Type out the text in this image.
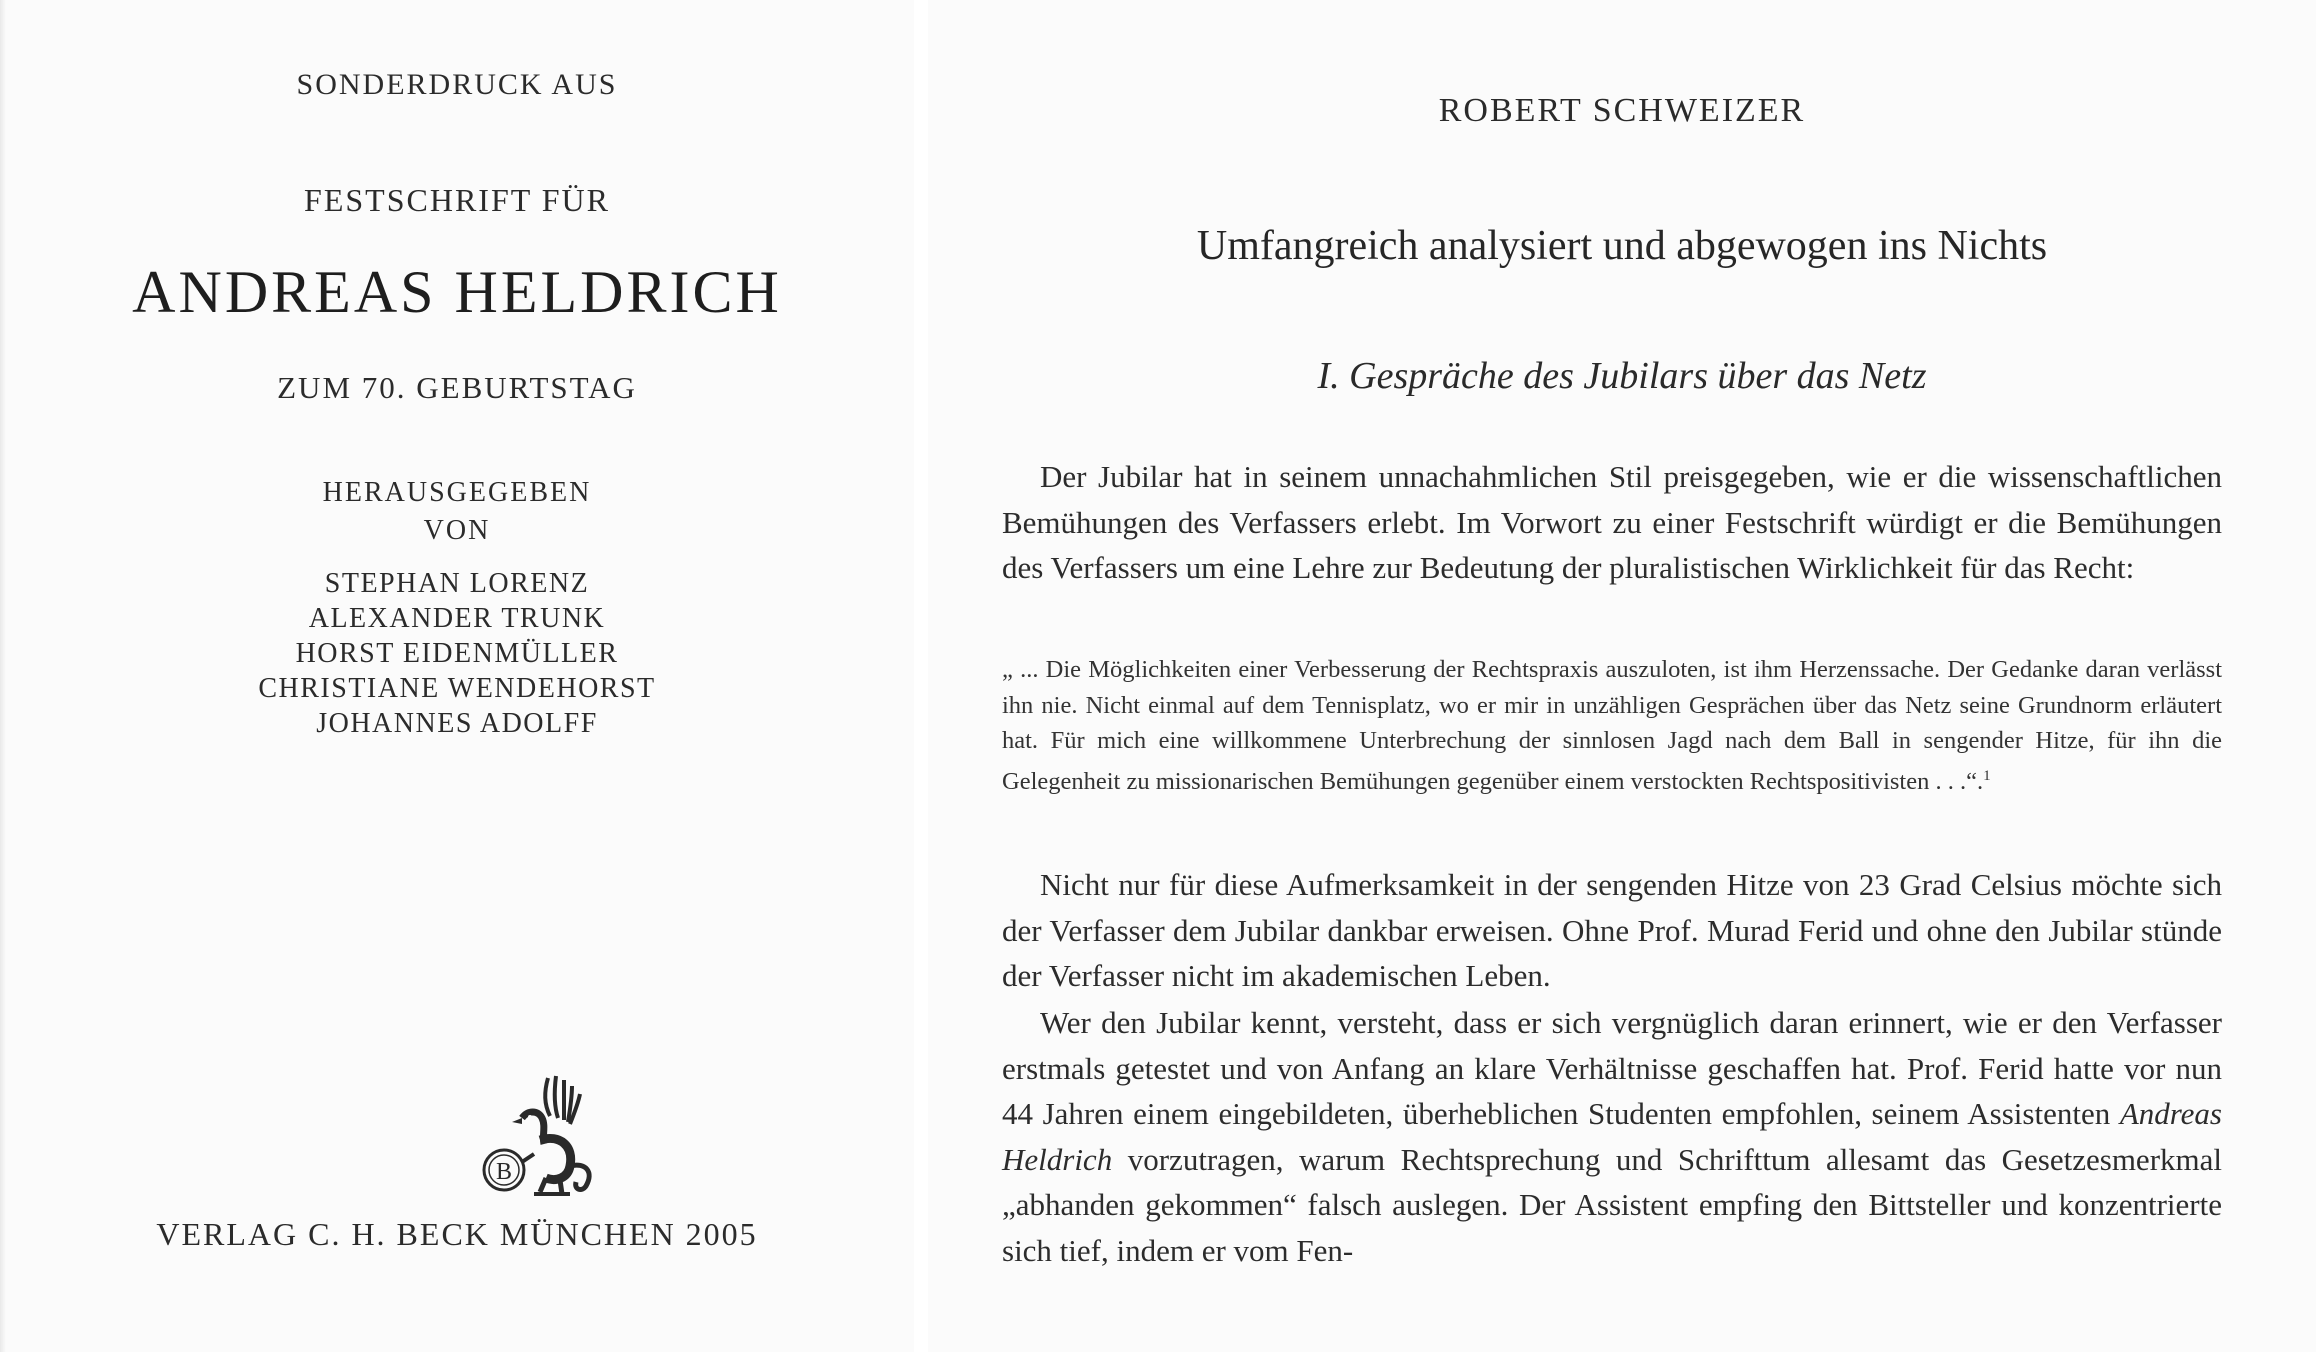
SONDERDRUCK AUS
FESTSCHRIFT FÜR
ANDREAS HELDRICH
ZUM 70. GEBURTSTAG
HERAUSGEGEBEN
VON
STEPHAN LORENZ
ALEXANDER TRUNK
HORST EIDENMÜLLER
CHRISTIANE WENDEHORST
JOHANNES ADOLFF
B
VERLAG C. H. BECK MÜNCHEN 2005
ROBERT SCHWEIZER
Umfangreich analysiert und abgewogen ins Nichts
I. Gespräche des Jubilars über das Netz

Der Jubilar hat in seinem unnachahmlichen Stil preisgegeben, wie er die wissenschaftlichen Bemühungen des Verfassers erlebt. Im Vorwort zu einer Festschrift würdigt er die Bemühungen des Verfassers um eine Lehre zur Bedeutung der pluralistischen Wirklichkeit für das Recht:

„ ... Die Möglichkeiten einer Verbesserung der Rechtspraxis auszuloten, ist ihm Herzenssache. Der Gedanke daran verlässt ihn nie. Nicht einmal auf dem Tennisplatz, wo er mir in unzähligen Gesprächen über das Netz seine Grundnorm erläutert hat. Für mich eine willkommene Unterbrechung der sinnlosen Jagd nach dem Ball in sengender Hitze, für ihn die Gelegenheit zu missionarischen Bemühungen gegenüber einem verstockten Rechtspositivisten . . .“.$^1$

Nicht nur für diese Aufmerksamkeit in der sengenden Hitze von 23 Grad Celsius möchte sich der Verfasser dem Jubilar dankbar erweisen. Ohne Prof. Murad Ferid und ohne den Jubilar stünde der Verfasser nicht im akademischen Leben.

Wer den Jubilar kennt, versteht, dass er sich vergnüglich daran erinnert, wie er den Verfasser erstmals getestet und von Anfang an klare Verhältnisse geschaffen hat. Prof. Ferid hatte vor nun 44 Jahren einem eingebildeten, überheblichen Studenten empfohlen, seinem Assistenten Andreas Heldrich vorzutragen, warum Rechtsprechung und Schrifttum allesamt das Gesetzesmerkmal „abhanden gekommen“ falsch auslegen. Der Assistent empfing den Bittsteller und konzentrierte sich tief, indem er vom Fen-
